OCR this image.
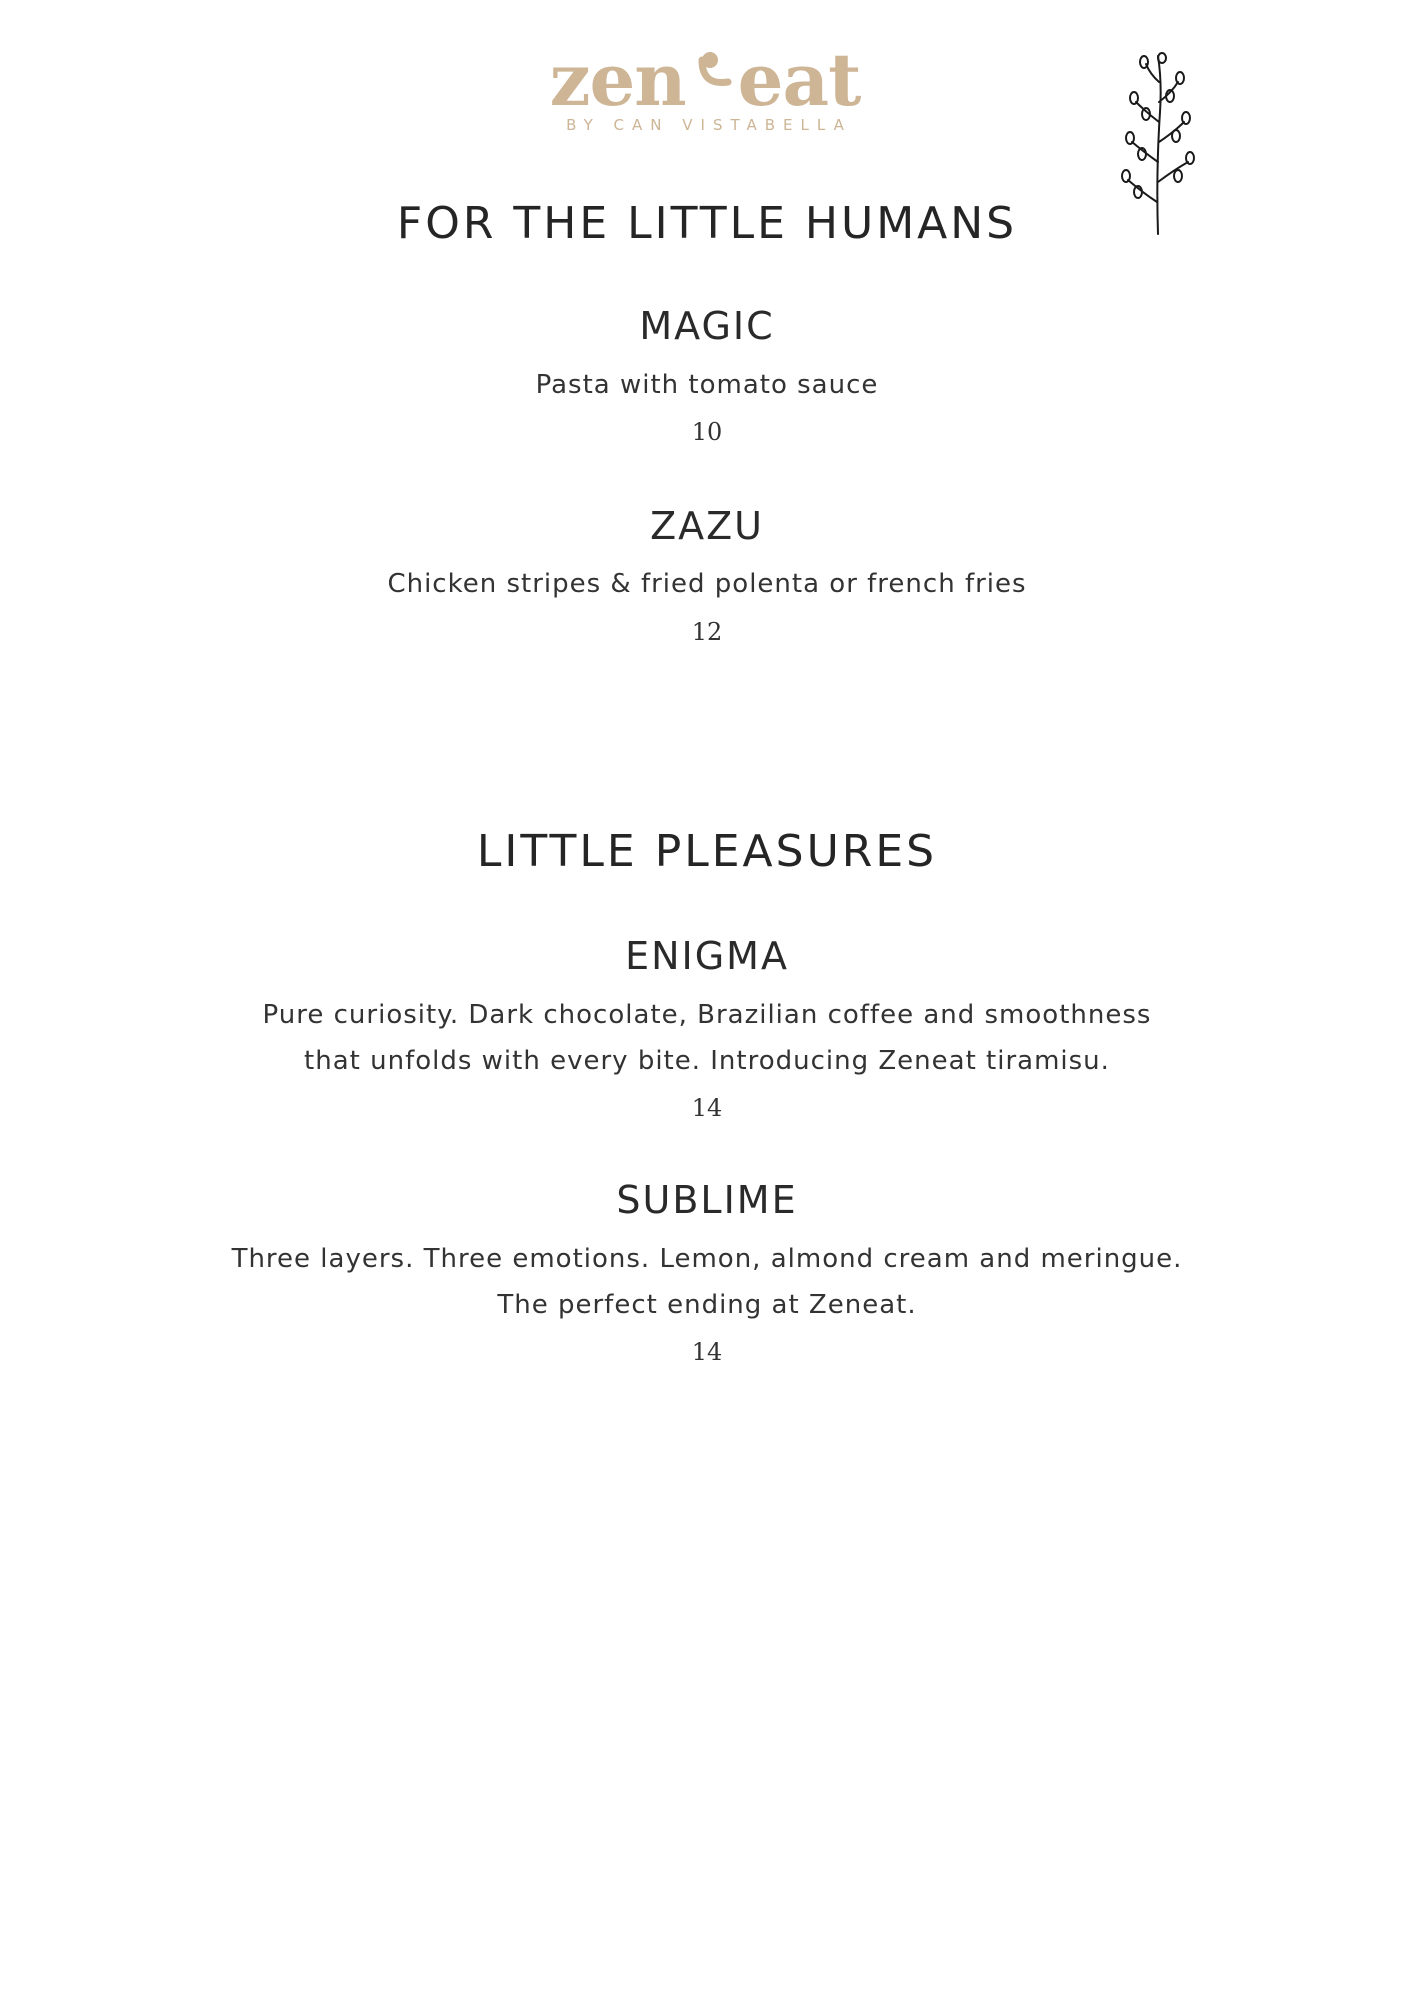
zen eat
BY CAN VISTABELLA
FOR THE LITTLE HUMANS
MAGIC
Pasta with tomato sauce
10
ZAZU
Chicken stripes & fried polenta or french fries
12
LITTLE PLEASURES
ENIGMA
Pure curiosity. Dark chocolate, Brazilian coffee and smoothness
that unfolds with every bite. Introducing Zeneat tiramisu.
14
SUBLIME
Three layers. Three emotions. Lemon, almond cream and meringue.
The perfect ending at Zeneat.
14
